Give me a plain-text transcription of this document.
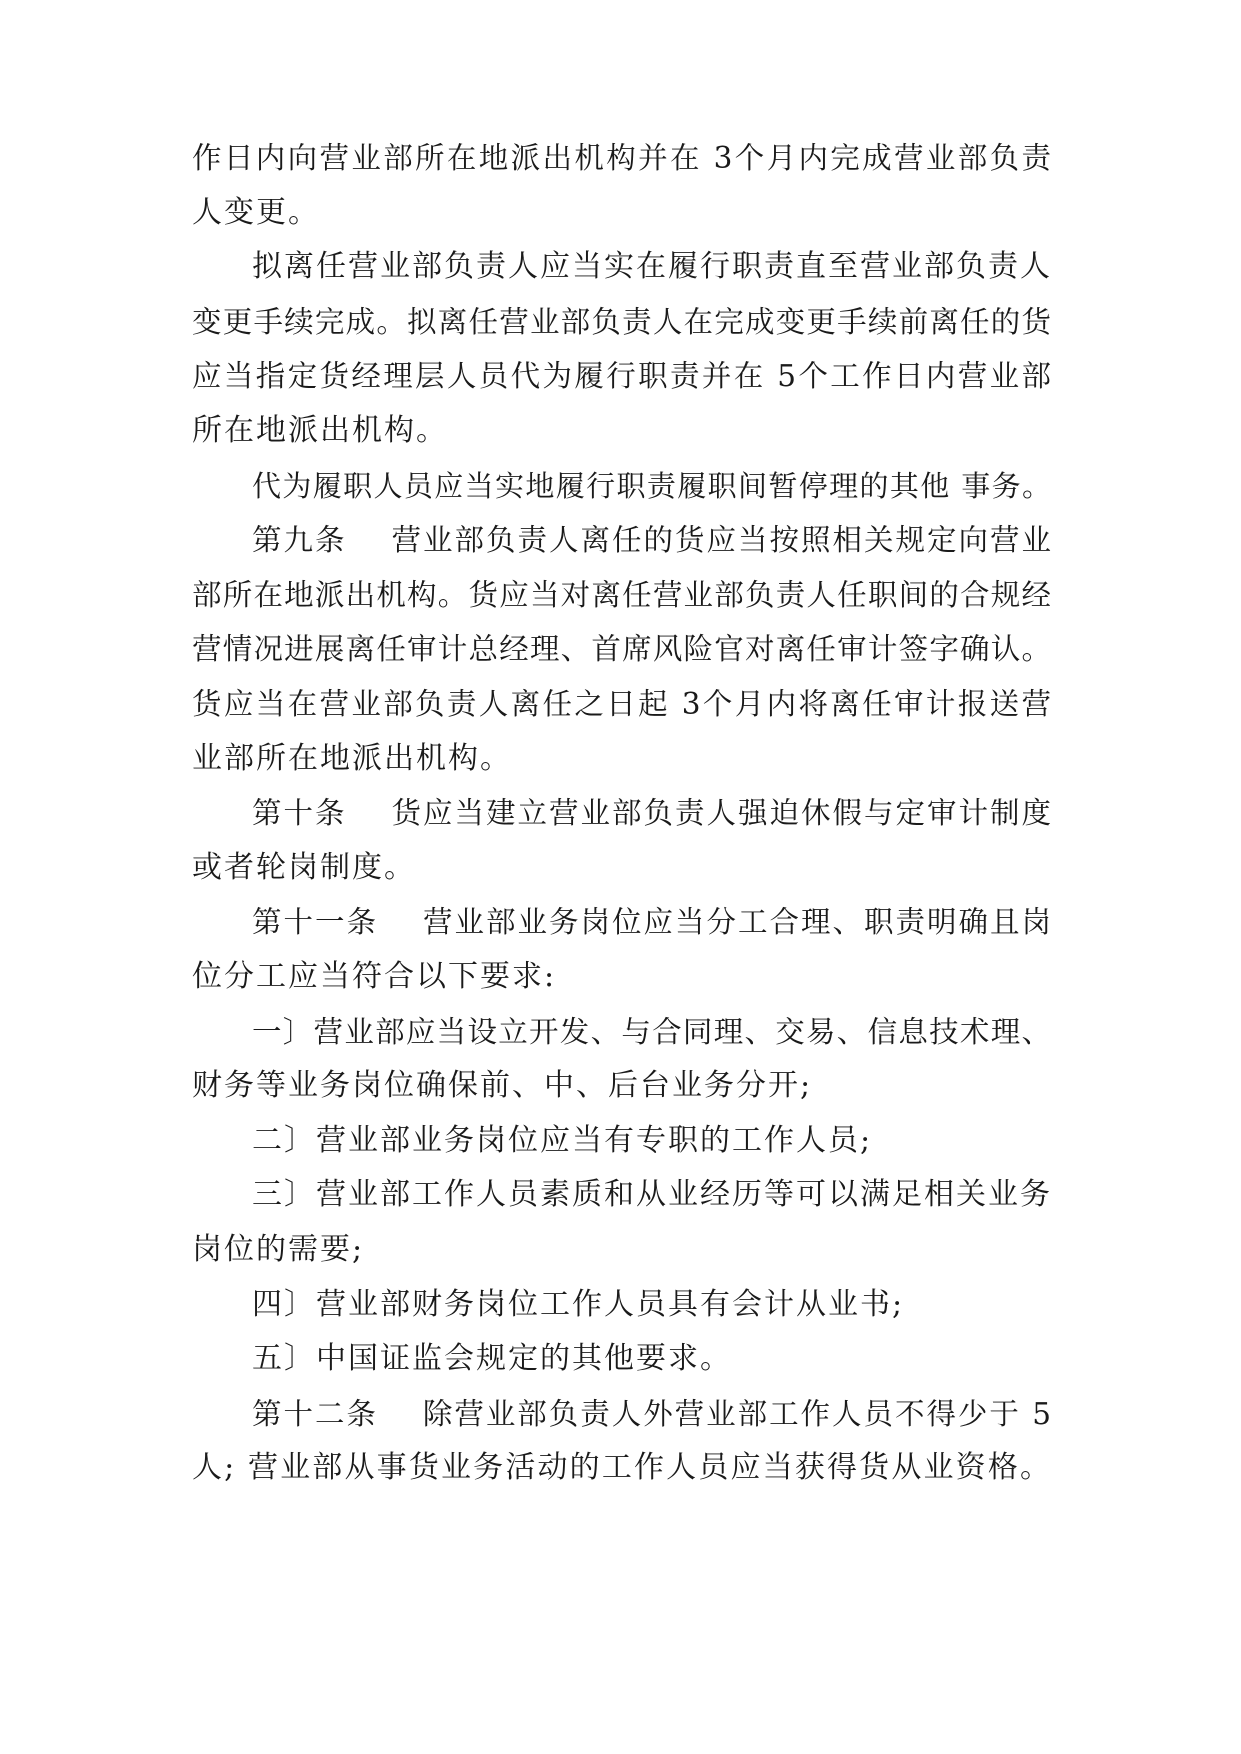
作日内向营业部所在地派出机构并在 3个月内完成营业部负责
人变更。
拟离任营业部负责人应当实在履行职责直至营业部负责人
变更手续完成。拟离任营业部负责人在完成变更手续前离任的货
应当指定货经理层人员代为履行职责并在 5个工作日内营业部
所在地派出机构。
代为履职人员应当实地履行职责履职间暂停理的其他 事务。
第九条 营业部负责人离任的货应当按照相关规定向营业
部所在地派出机构。货应当对离任营业部负责人任职间的合规经
营情况进展离任审计总经理、首席风险官对离任审计签字确认。
货应当在营业部负责人离任之日起 3个月内将离任审计报送营
业部所在地派出机构。
第十条 货应当建立营业部负责人强迫休假与定审计制度
或者轮岗制度。
第十一条 营业部业务岗位应当分工合理、职责明确且岗
位分工应当符合以下要求:
一〕营业部应当设立开发、与合同理、交易、信息技术理、
财务等业务岗位确保前、中、后台业务分开;
二〕营业部业务岗位应当有专职的工作人员;
三〕营业部工作人员素质和从业经历等可以满足相关业务
岗位的需要;
四〕营业部财务岗位工作人员具有会计从业书;
五〕中国证监会规定的其他要求。
第十二条 除营业部负责人外营业部工作人员不得少于 5
人; 营业部从事货业务活动的工作人员应当获得货从业资格。
